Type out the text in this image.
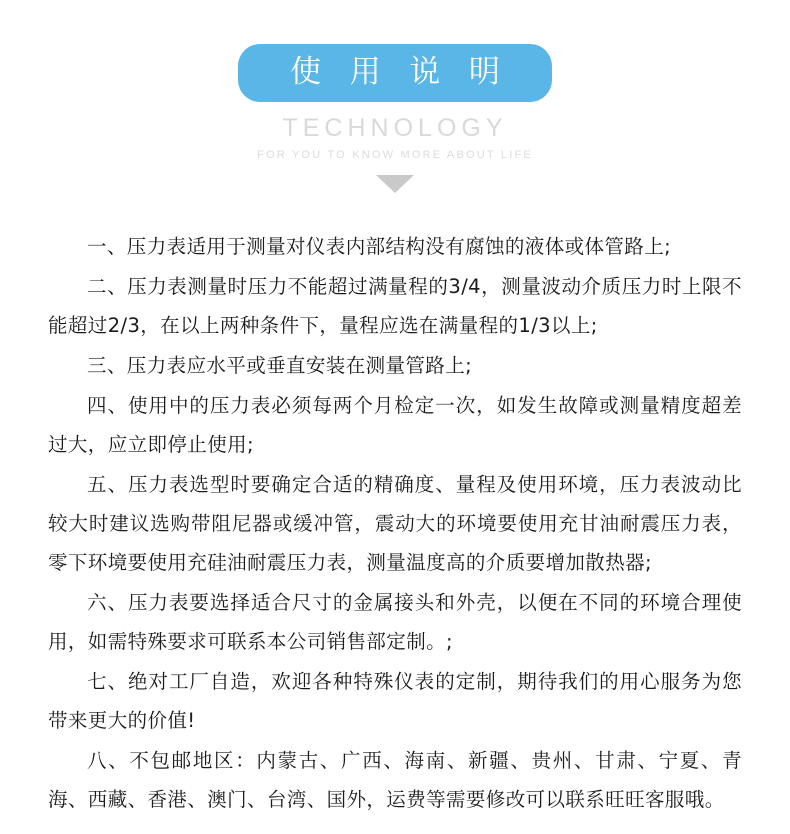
使 用 说 明
TECHNOLOGY
FOR YOU TO KNOW MORE ABOUT LIFE

一、压力表适用于测量对仪表内部结构没有腐蚀的液体或体管路上;

二、压力表测量时压力不能超过满量程的3/4，测量波动介质压力时上限不能超过2/3，在以上两种条件下，量程应选在满量程的1/3以上;

三、压力表应水平或垂直安装在测量管路上;

四、使用中的压力表必须每两个月检定一次，如发生故障或测量精度超差过大，应立即停止使用;

五、压力表选型时要确定合适的精确度、量程及使用环境，压力表波动比较大时建议选购带阻尼器或缓冲管，震动大的环境要使用充甘油耐震压力表，零下环境要使用充硅油耐震压力表，测量温度高的介质要增加散热器;

六、压力表要选择适合尺寸的金属接头和外壳，以便在不同的环境合理使用，如需特殊要求可联系本公司销售部定制。;

七、绝对工厂自造，欢迎各种特殊仪表的定制，期待我们的用心服务为您带来更大的价值!

八、不包邮地区：内蒙古、广西、海南、新疆、贵州、甘肃、宁夏、青海、西藏、香港、澳门、台湾、国外，运费等需要修改可以联系旺旺客服哦。
